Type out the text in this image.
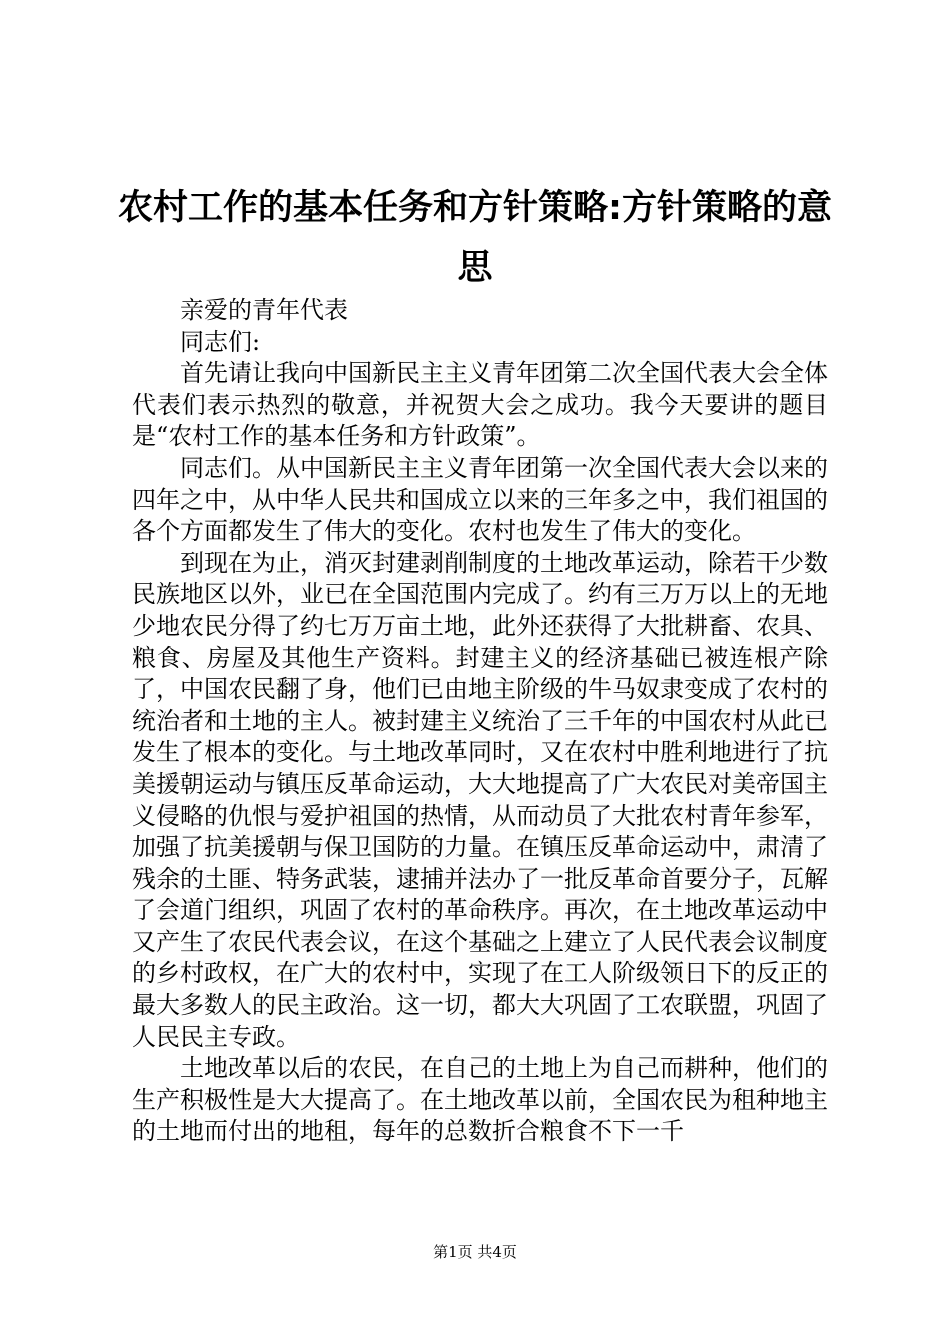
农村工作的基本任务和方针策略:方针策略的意思

亲爱的青年代表

同志们:

首先请让我向中国新民主主义青年团第二次全国代表大会全体代表们表示热烈的敬意，并祝贺大会之成功。我今天要讲的题目是“农村工作的基本任务和方针政策”。

同志们。从中国新民主主义青年团第一次全国代表大会以来的四年之中，从中华人民共和国成立以来的三年多之中，我们祖国的各个方面都发生了伟大的变化。农村也发生了伟大的变化。

到现在为止，消灭封建剥削制度的土地改革运动，除若干少数民族地区以外，业已在全国范围内完成了。约有三万万以上的无地少地农民分得了约七万万亩土地，此外还获得了大批耕畜、农具、粮食、房屋及其他生产资料。封建主义的经济基础已被连根产除了，中国农民翻了身，他们已由地主阶级的牛马奴隶变成了农村的统治者和土地的主人。被封建主义统治了三千年的中国农村从此已发生了根本的变化。与土地改革同时，又在农村中胜利地进行了抗美援朝运动与镇压反革命运动，大大地提高了广大农民对美帝国主义侵略的仇恨与爱护祖国的热情，从而动员了大批农村青年参军，加强了抗美援朝与保卫国防的力量。在镇压反革命运动中，肃清了残余的土匪、特务武装，逮捕并法办了一批反革命首要分子，瓦解了会道门组织，巩固了农村的革命秩序。再次，在土地改革运动中又产生了农民代表会议，在这个基础之上建立了人民代表会议制度的乡村政权，在广大的农村中，实现了在工人阶级领日下的反正的最大多数人的民主政治。这一切，都大大巩固了工农联盟，巩固了人民民主专政。

土地改革以后的农民，在自己的土地上为自己而耕种，他们的生产积极性是大大提高了。在土地改革以前，全国农民为租种地主的土地而付出的地租，每年的总数折合粮食不下一千

第1页 共4页
